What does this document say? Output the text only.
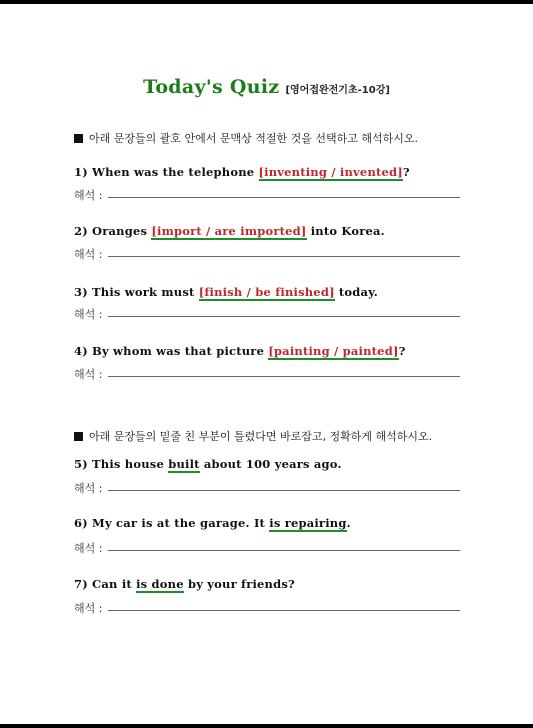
Today's Quiz [영어접완전기초-10강]
아래 문장들의 괄호 안에서 문맥상 적절한 것을 선택하고 해석하시오.
1) When was the telephone [inventing / invented]?
해석 :
2) Oranges [import / are imported] into Korea.
해석 :
3) This work must [finish / be finished] today.
해석 :
4) By whom was that picture [painting / painted]?
해석 :
아래 문장들의 밑줄 친 부분이 틀렸다면 바로잡고, 정확하게 해석하시오.
5) This house built about 100 years ago.
해석 :
6) My car is at the garage. It is repairing.
해석 :
7) Can it is done by your friends?
해석 :
